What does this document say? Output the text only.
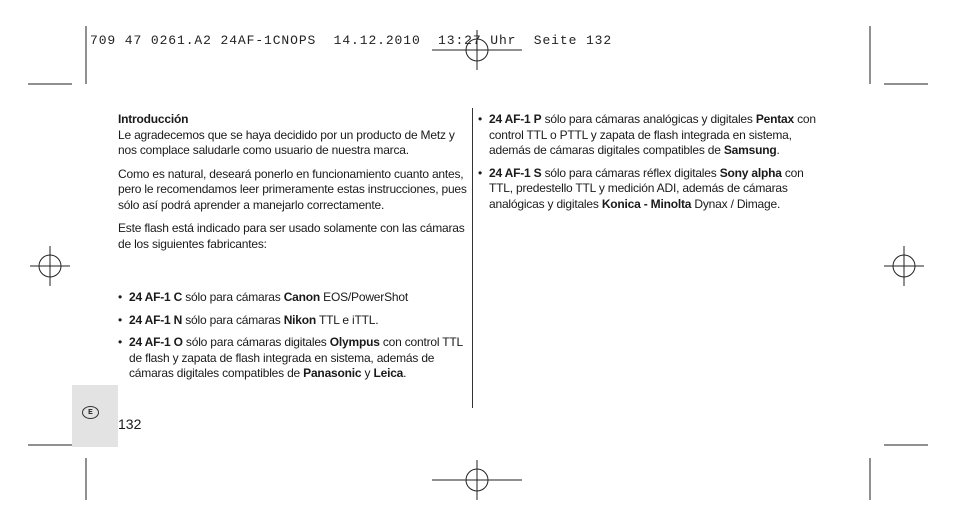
709 47 0261.A2 24AF-1CNOPS  14.12.2010  13:27 Uhr  Seite 132
E
132
Introducción

Le agradecemos que se haya decidido por un producto de Metz y nos complace saludarle como usuario de nuestra marca.

Como es natural, deseará ponerlo en funcionamiento cuanto antes, pero le recomendamos leer primeramente estas instrucciones, pues sólo así podrá aprender a manejarlo correctamente.

Este flash está indicado para ser usado solamente con las cámaras de los siguientes fabricantes:

• 24 AF-1 C sólo para cámaras Canon EOS/PowerShot
• 24 AF-1 N sólo para cámaras Nikon TTL e iTTL.
• 24 AF-1 O sólo para cámaras digitales Olympus con control TTL de flash y zapata de flash integrada en sistema, además de cámaras digitales compatibles de Panasonic y Leica.
• 24 AF-1 P sólo para cámaras analógicas y digitales Pentax con control TTL o PTTL y zapata de flash integrada en sistema, además de cámaras digitales compatibles de Samsung.
• 24 AF-1 S sólo para cámaras réflex digitales Sony alpha con TTL, predestello TTL y medición ADI, además de cámaras analógicas y digitales Konica - Minolta Dynax / Dimage.
